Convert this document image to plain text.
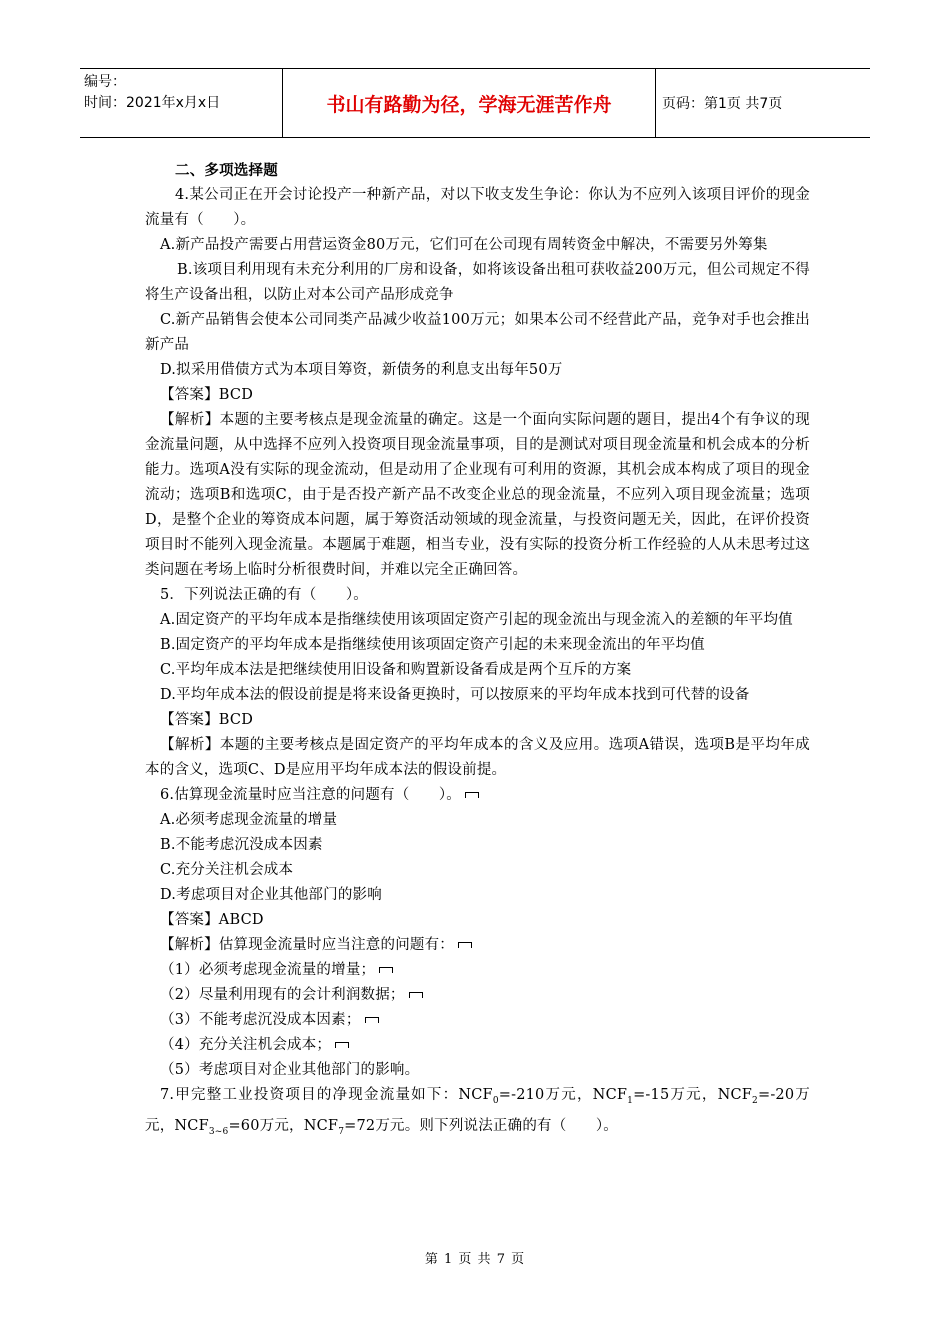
编号：
时间：2021年x月x日	书山有路勤为径，学海无涯苦作舟	页码：第1页 共7页

二、多项选择题

4.某公司正在开会讨论投产一种新产品，对以下收支发生争论：你认为不应列入该项目评价的现金流量有（　　）。

A.新产品投产需要占用营运资金80万元，它们可在公司现有周转资金中解决，不需要另外筹集

B.该项目利用现有未充分利用的厂房和设备，如将该设备出租可获收益200万元，但公司规定不得将生产设备出租，以防止对本公司产品形成竞争

C.新产品销售会使本公司同类产品减少收益100万元；如果本公司不经营此产品，竞争对手也会推出新产品

D.拟采用借债方式为本项目筹资，新债务的利息支出每年50万

【答案】BCD

【解析】本题的主要考核点是现金流量的确定。这是一个面向实际问题的题目，提出4个有争议的现金流量问题，从中选择不应列入投资项目现金流量事项，目的是测试对项目现金流量和机会成本的分析能力。选项A没有实际的现金流动，但是动用了企业现有可利用的资源，其机会成本构成了项目的现金流动；选项B和选项C，由于是否投产新产品不改变企业总的现金流量，不应列入项目现金流量；选项D，是整个企业的筹资成本问题，属于筹资活动领域的现金流量，与投资问题无关，因此，在评价投资项目时不能列入现金流量。本题属于难题，相当专业，没有实际的投资分析工作经验的人从未思考过这类问题在考场上临时分析很费时间，并难以完全正确回答。

5．下列说法正确的有（　　）。

A.固定资产的平均年成本是指继续使用该项固定资产引起的现金流出与现金流入的差额的年平均值

B.固定资产的平均年成本是指继续使用该项固定资产引起的未来现金流出的年平均值

C.平均年成本法是把继续使用旧设备和购置新设备看成是两个互斥的方案

D.平均年成本法的假设前提是将来设备更换时，可以按原来的平均年成本找到可代替的设备

【答案】BCD

【解析】本题的主要考核点是固定资产的平均年成本的含义及应用。选项A错误，选项B是平均年成本的含义，选项C、D是应用平均年成本法的假设前提。

6.估算现金流量时应当注意的问题有（　　）。

A.必须考虑现金流量的增量

B.不能考虑沉没成本因素

C.充分关注机会成本

D.考虑项目对企业其他部门的影响

【答案】ABCD

【解析】估算现金流量时应当注意的问题有：

（1）必须考虑现金流量的增量；

（2）尽量利用现有的会计利润数据；

（3）不能考虑沉没成本因素；

（4）充分关注机会成本；

（5）考虑项目对企业其他部门的影响。

7.甲完整工业投资项目的净现金流量如下：$NCF_0=-210$万元，$NCF_1=-15$万元，$NCF_2=-20$万元，$NCF_{3\sim 6}=60$万元，$NCF_7=72$万元。则下列说法正确的有（　　）。

第 1 页 共 7 页
